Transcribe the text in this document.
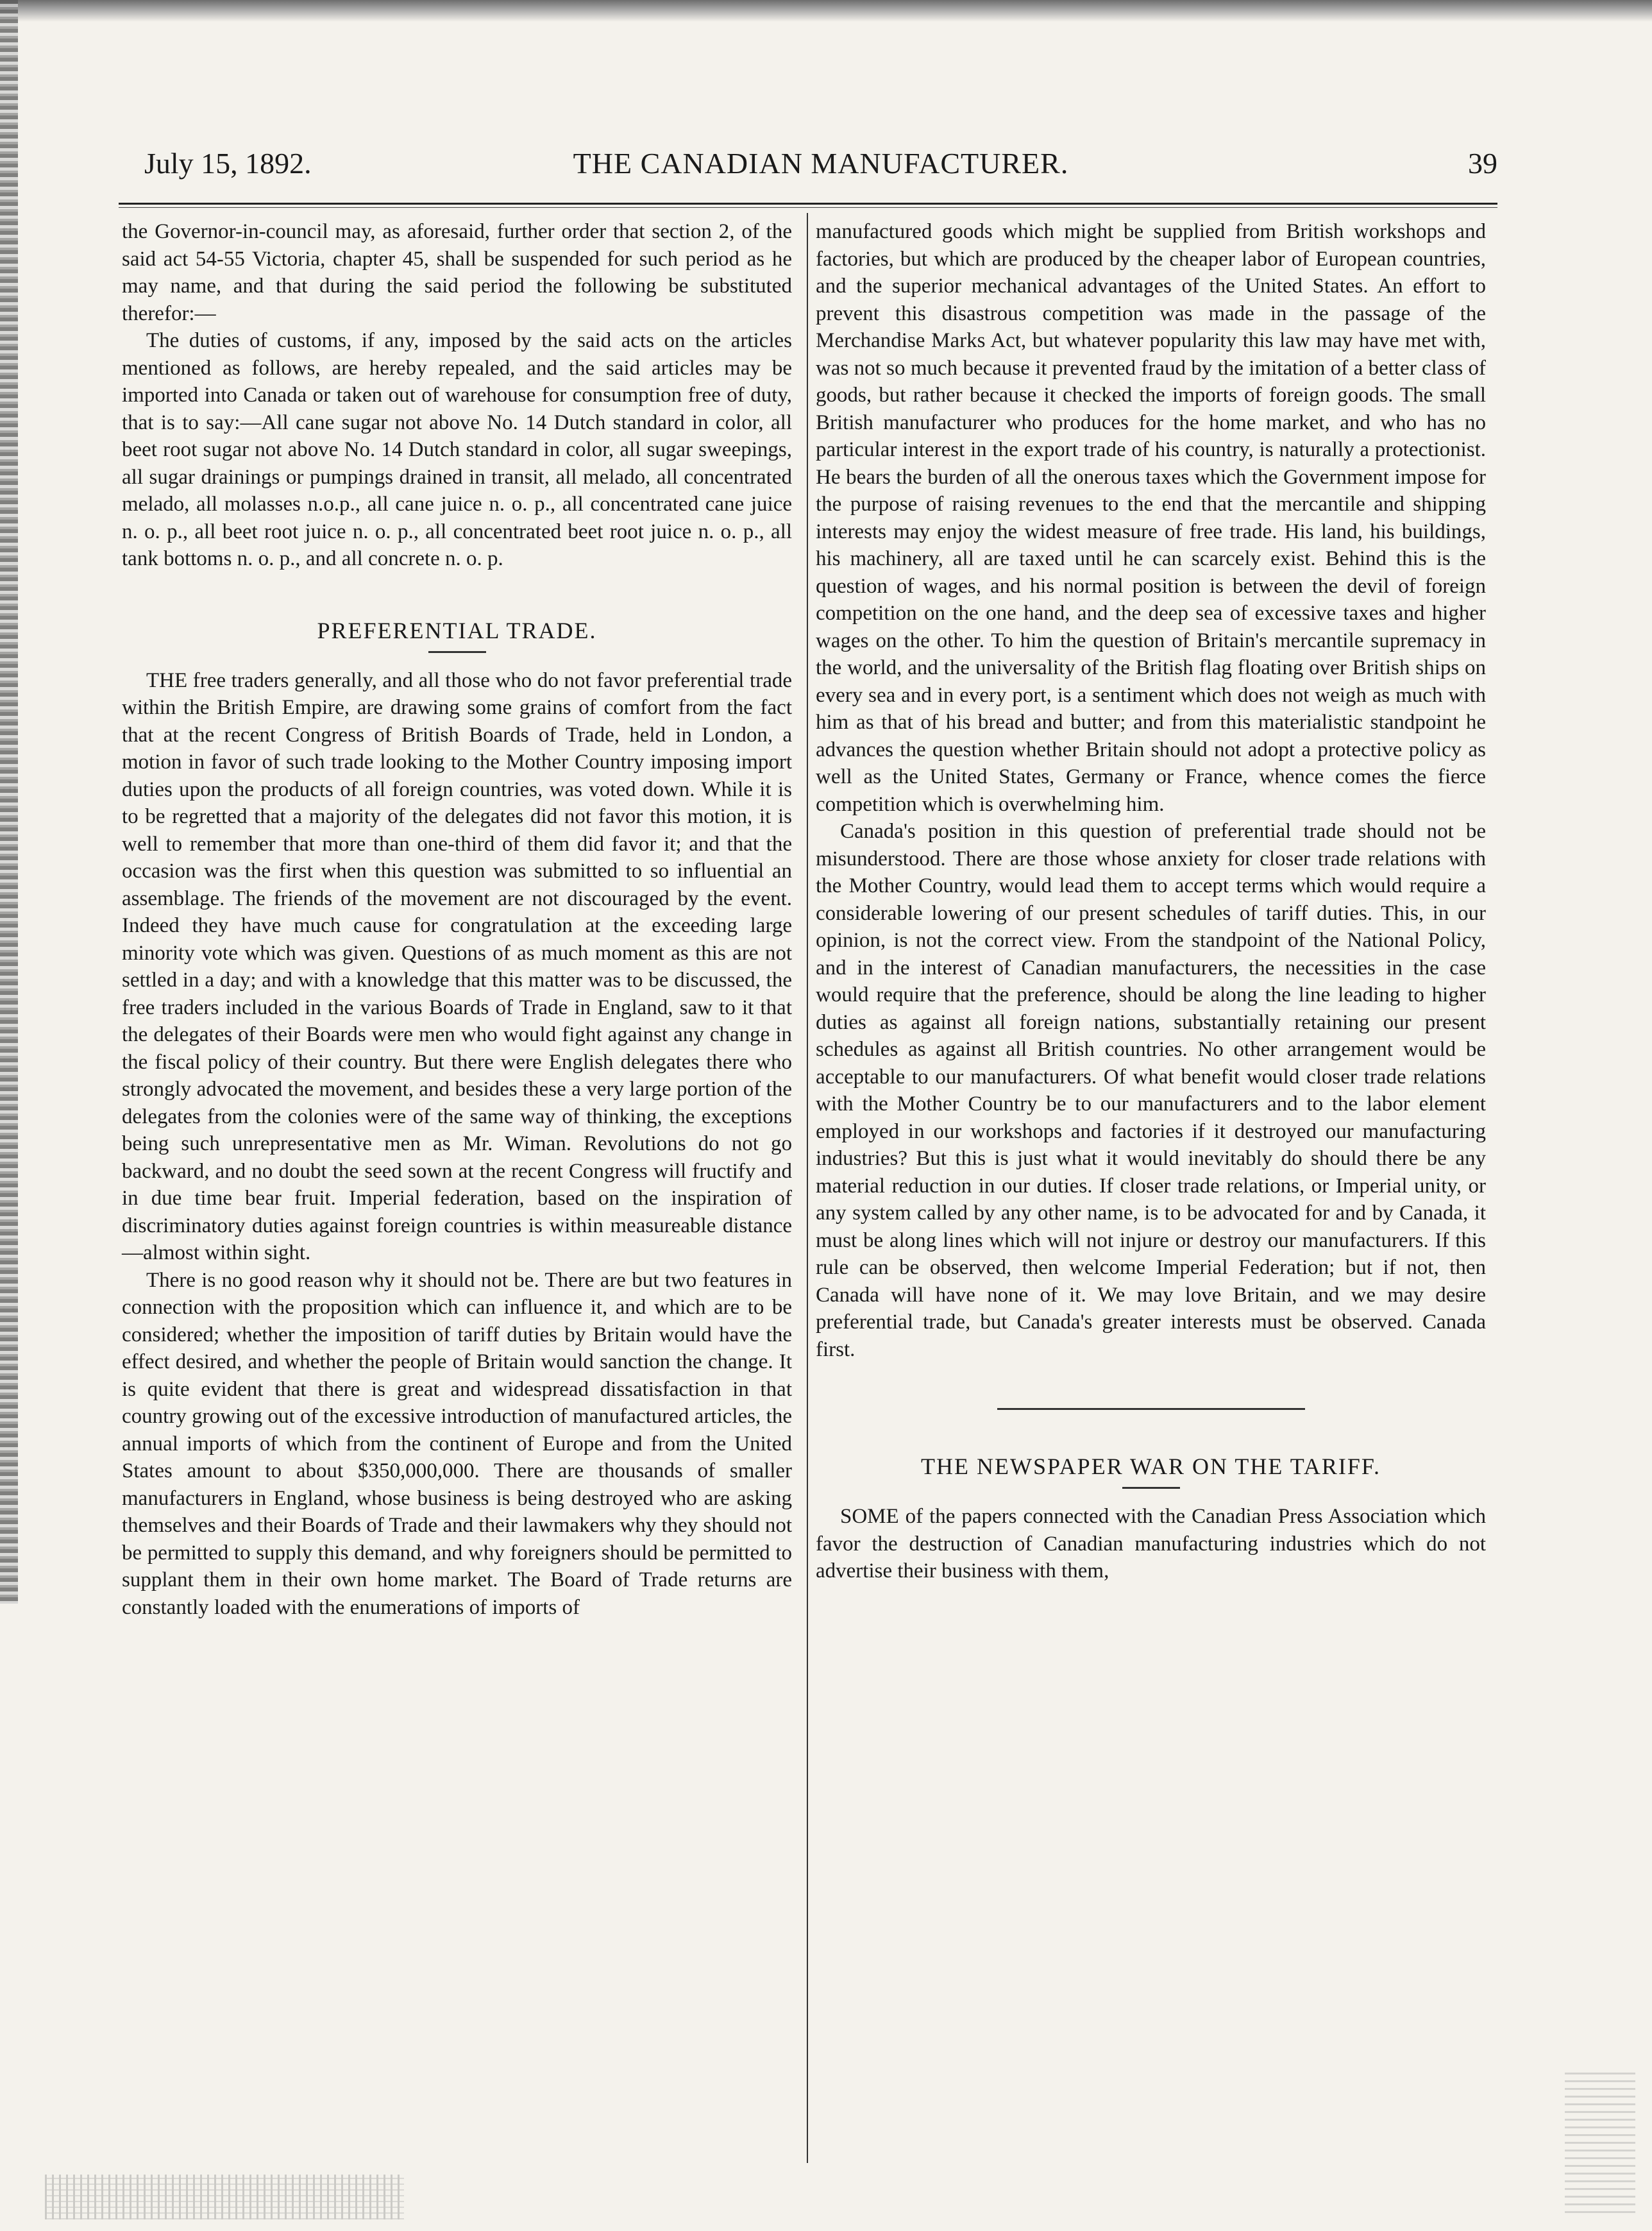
July 15, 1892.	THE CANADIAN MANUFACTURER.	39

the Governor-in-council may, as aforesaid, further order that section 2, of the said act 54-55 Victoria, chapter 45, shall be suspended for such period as he may name, and that during the said period the following be substituted therefor:—

The duties of customs, if any, imposed by the said acts on the articles mentioned as follows, are hereby repealed, and the said articles may be imported into Canada or taken out of warehouse for consumption free of duty, that is to say:—All cane sugar not above No. 14 Dutch standard in color, all beet root sugar not above No. 14 Dutch standard in color, all sugar sweepings, all sugar drainings or pumpings drained in transit, all melado, all concentrated melado, all molasses n.o.p., all cane juice n. o. p., all concentrated cane juice n. o. p., all beet root juice n. o. p., all concentrated beet root juice n. o. p., all tank bottoms n. o. p., and all concrete n. o. p.

PREFERENTIAL TRADE.

THE free traders generally, and all those who do not favor preferential trade within the British Empire, are drawing some grains of comfort from the fact that at the recent Congress of British Boards of Trade, held in London, a motion in favor of such trade looking to the Mother Country imposing import duties upon the products of all foreign countries, was voted down. While it is to be regretted that a majority of the delegates did not favor this motion, it is well to remember that more than one-third of them did favor it; and that the occasion was the first when this question was submitted to so influential an assemblage. The friends of the movement are not discouraged by the event. Indeed they have much cause for congratulation at the exceeding large minority vote which was given. Questions of as much moment as this are not settled in a day; and with a knowledge that this matter was to be discussed, the free traders included in the various Boards of Trade in England, saw to it that the delegates of their Boards were men who would fight against any change in the fiscal policy of their country. But there were English delegates there who strongly advocated the movement, and besides these a very large portion of the delegates from the colonies were of the same way of thinking, the exceptions being such unrepresentative men as Mr. Wiman. Revolutions do not go backward, and no doubt the seed sown at the recent Congress will fructify and in due time bear fruit. Imperial federation, based on the inspiration of discriminatory duties against foreign countries is within measureable distance—almost within sight.

There is no good reason why it should not be. There are but two features in connection with the proposition which can influence it, and which are to be considered; whether the imposition of tariff duties by Britain would have the effect desired, and whether the people of Britain would sanction the change. It is quite evident that there is great and widespread dissatisfaction in that country growing out of the excessive introduction of manufactured articles, the annual imports of which from the continent of Europe and from the United States amount to about $350,000,000. There are thousands of smaller manufacturers in England, whose business is being destroyed who are asking themselves and their Boards of Trade and their lawmakers why they should not be permitted to supply this demand, and why foreigners should be permitted to supplant them in their own home market. The Board of Trade returns are constantly loaded with the enumerations of imports of

manufactured goods which might be supplied from British workshops and factories, but which are produced by the cheaper labor of European countries, and the superior mechanical advantages of the United States. An effort to prevent this disastrous competition was made in the passage of the Merchandise Marks Act, but whatever popularity this law may have met with, was not so much because it prevented fraud by the imitation of a better class of goods, but rather because it checked the imports of foreign goods. The small British manufacturer who produces for the home market, and who has no particular interest in the export trade of his country, is naturally a protectionist. He bears the burden of all the onerous taxes which the Government impose for the purpose of raising revenues to the end that the mercantile and shipping interests may enjoy the widest measure of free trade. His land, his buildings, his machinery, all are taxed until he can scarcely exist. Behind this is the question of wages, and his normal position is between the devil of foreign competition on the one hand, and the deep sea of excessive taxes and higher wages on the other. To him the question of Britain's mercantile supremacy in the world, and the universality of the British flag floating over British ships on every sea and in every port, is a sentiment which does not weigh as much with him as that of his bread and butter; and from this materialistic standpoint he advances the question whether Britain should not adopt a protective policy as well as the United States, Germany or France, whence comes the fierce competition which is overwhelming him.

Canada's position in this question of preferential trade should not be misunderstood. There are those whose anxiety for closer trade relations with the Mother Country, would lead them to accept terms which would require a considerable lowering of our present schedules of tariff duties. This, in our opinion, is not the correct view. From the standpoint of the National Policy, and in the interest of Canadian manufacturers, the necessities in the case would require that the preference, should be along the line leading to higher duties as against all foreign nations, substantially retaining our present schedules as against all British countries. No other arrangement would be acceptable to our manufacturers. Of what benefit would closer trade relations with the Mother Country be to our manufacturers and to the labor element employed in our workshops and factories if it destroyed our manufacturing industries? But this is just what it would inevitably do should there be any material reduction in our duties. If closer trade relations, or Imperial unity, or any system called by any other name, is to be advocated for and by Canada, it must be along lines which will not injure or destroy our manufacturers. If this rule can be observed, then welcome Imperial Federation; but if not, then Canada will have none of it. We may love Britain, and we may desire preferential trade, but Canada's greater interests must be observed. Canada first.

THE NEWSPAPER WAR ON THE TARIFF.

SOME of the papers connected with the Canadian Press Association which favor the destruction of Canadian manufacturing industries which do not advertise their business with them,
